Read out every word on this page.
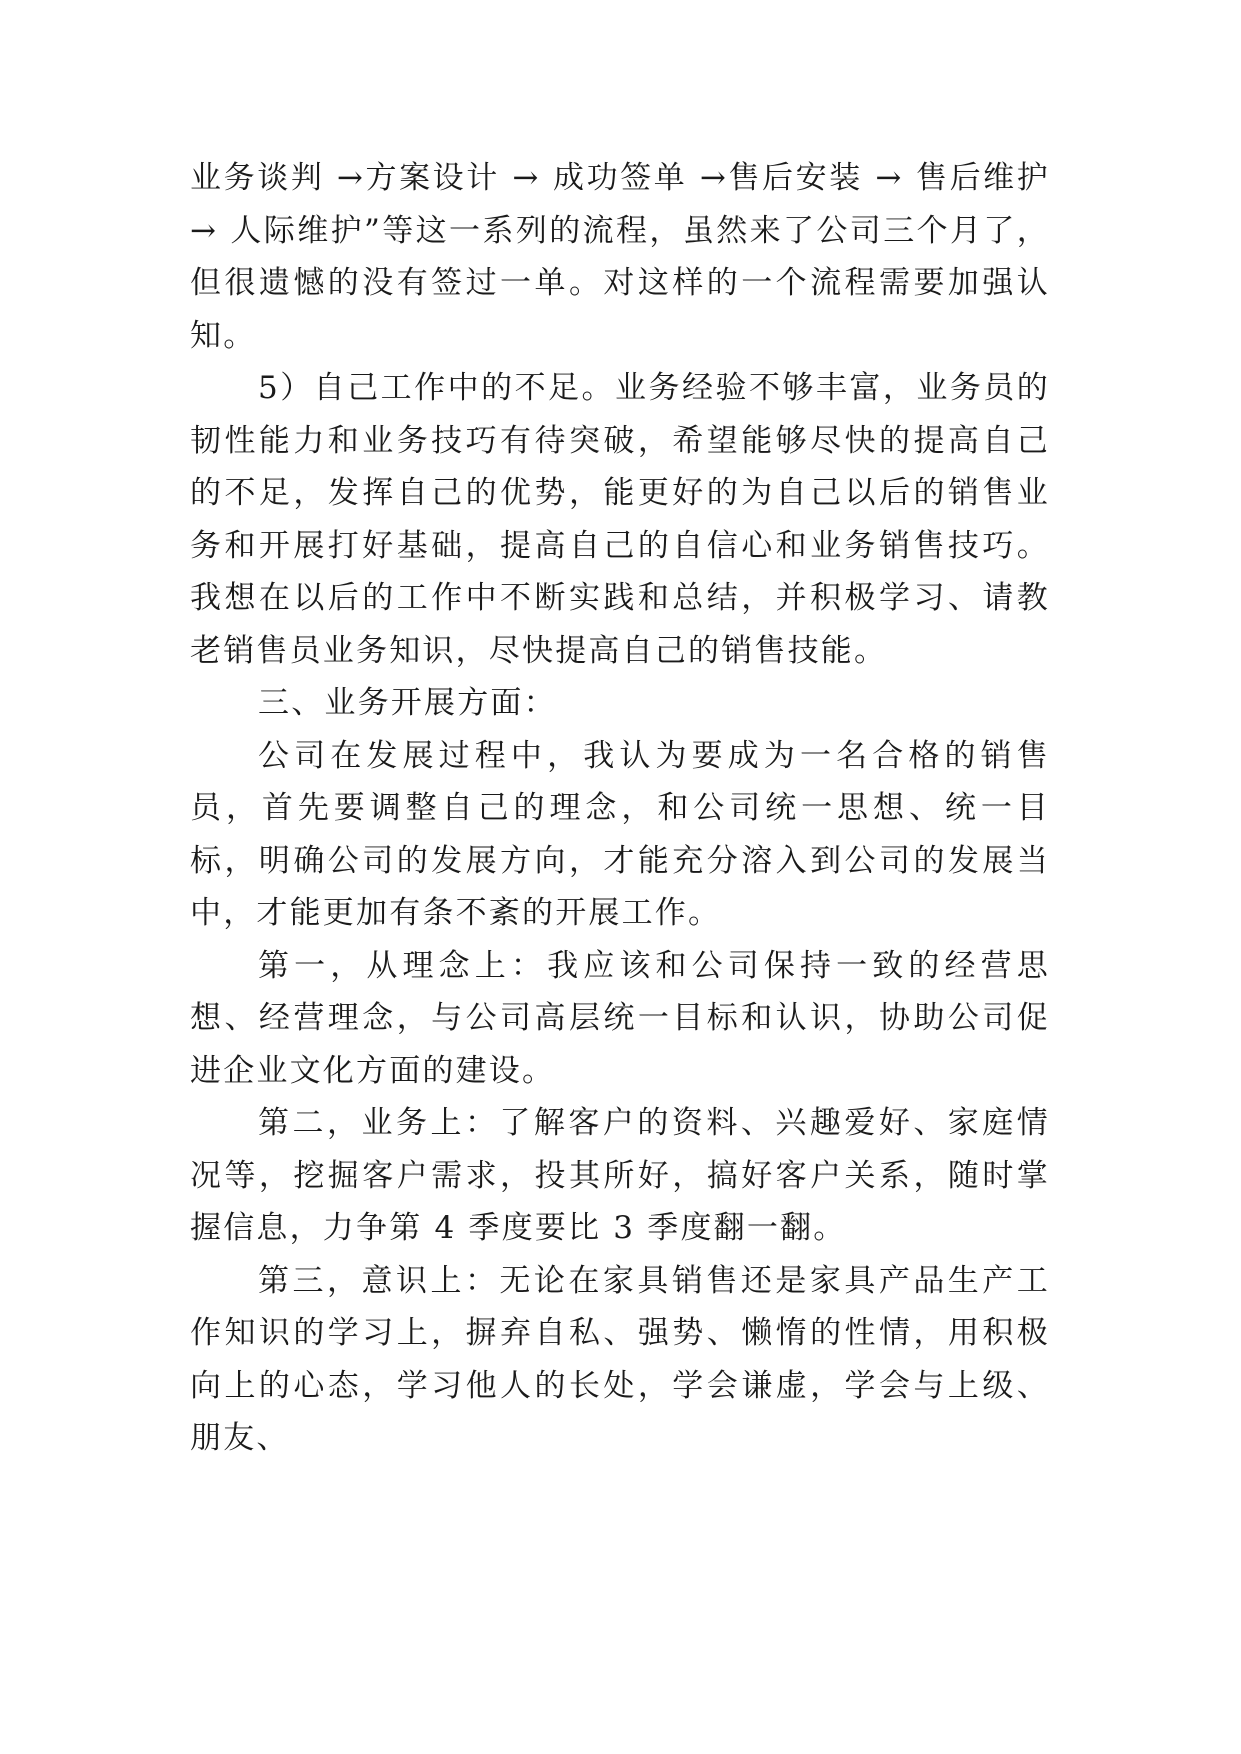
业务谈判 →方案设计 → 成功签单 →售后安装 → 售后维护 → 人际维护”等这一系列的流程，虽然来了公司三个月了，但很遗憾的没有签过一单。对这样的一个流程需要加强认知。

5）自己工作中的不足。业务经验不够丰富，业务员的韧性能力和业务技巧有待突破，希望能够尽快的提高自己的不足，发挥自己的优势，能更好的为自己以后的销售业务和开展打好基础，提高自己的自信心和业务销售技巧。我想在以后的工作中不断实践和总结，并积极学习、请教老销售员业务知识，尽快提高自己的销售技能。

三、业务开展方面：

公司在发展过程中，我认为要成为一名合格的销售员，首先要调整自己的理念，和公司统一思想、统一目标，明确公司的发展方向，才能充分溶入到公司的发展当中，才能更加有条不紊的开展工作。

第一，从理念上：我应该和公司保持一致的经营思想、经营理念，与公司高层统一目标和认识，协助公司促进企业文化方面的建设。

第二，业务上：了解客户的资料、兴趣爱好、家庭情况等，挖掘客户需求，投其所好，搞好客户关系，随时掌握信息，力争第 4 季度要比 3 季度翻一翻。

第三，意识上：无论在家具销售还是家具产品生产工作知识的学习上，摒弃自私、强势、懒惰的性情，用积极向上的心态，学习他人的长处，学会谦虚，学会与上级、朋友、
